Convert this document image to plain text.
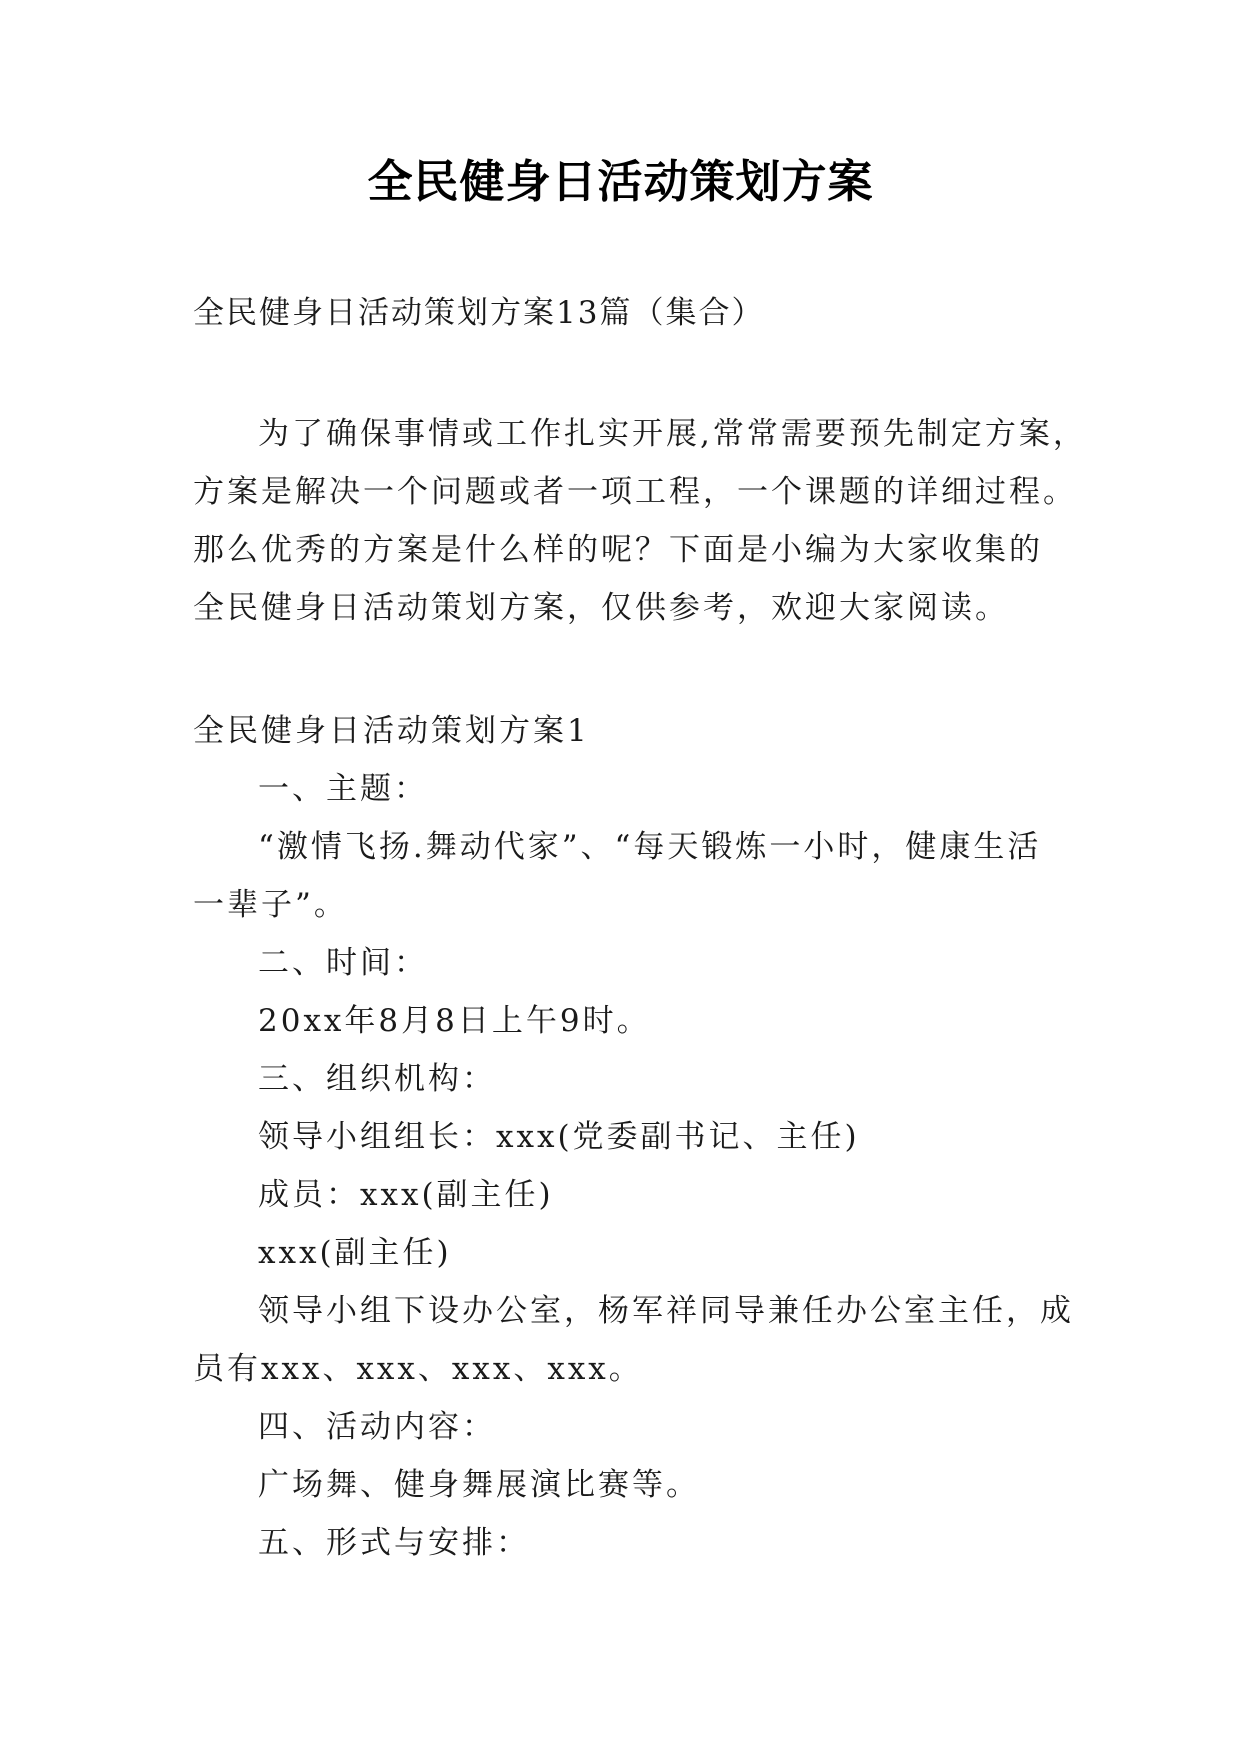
全民健身日活动策划方案
全民健身日活动策划方案13篇（集合）
为了确保事情或工作扎实开展,常常需要预先制定方案，
方案是解决一个问题或者一项工程，一个课题的详细过程。
那么优秀的方案是什么样的呢？下面是小编为大家收集的
全民健身日活动策划方案，仅供参考，欢迎大家阅读。
全民健身日活动策划方案1
一、主题：
“激情飞扬.舞动代家”、“每天锻炼一小时，健康生活
一辈子”。
二、时间：
20xx年8月8日上午9时。
三、组织机构：
领导小组组长：xxx(党委副书记、主任)
成员：xxx(副主任)
xxx(副主任)
领导小组下设办公室，杨军祥同导兼任办公室主任，成
员有xxx、xxx、xxx、xxx。
四、活动内容：
广场舞、健身舞展演比赛等。
五、形式与安排：
